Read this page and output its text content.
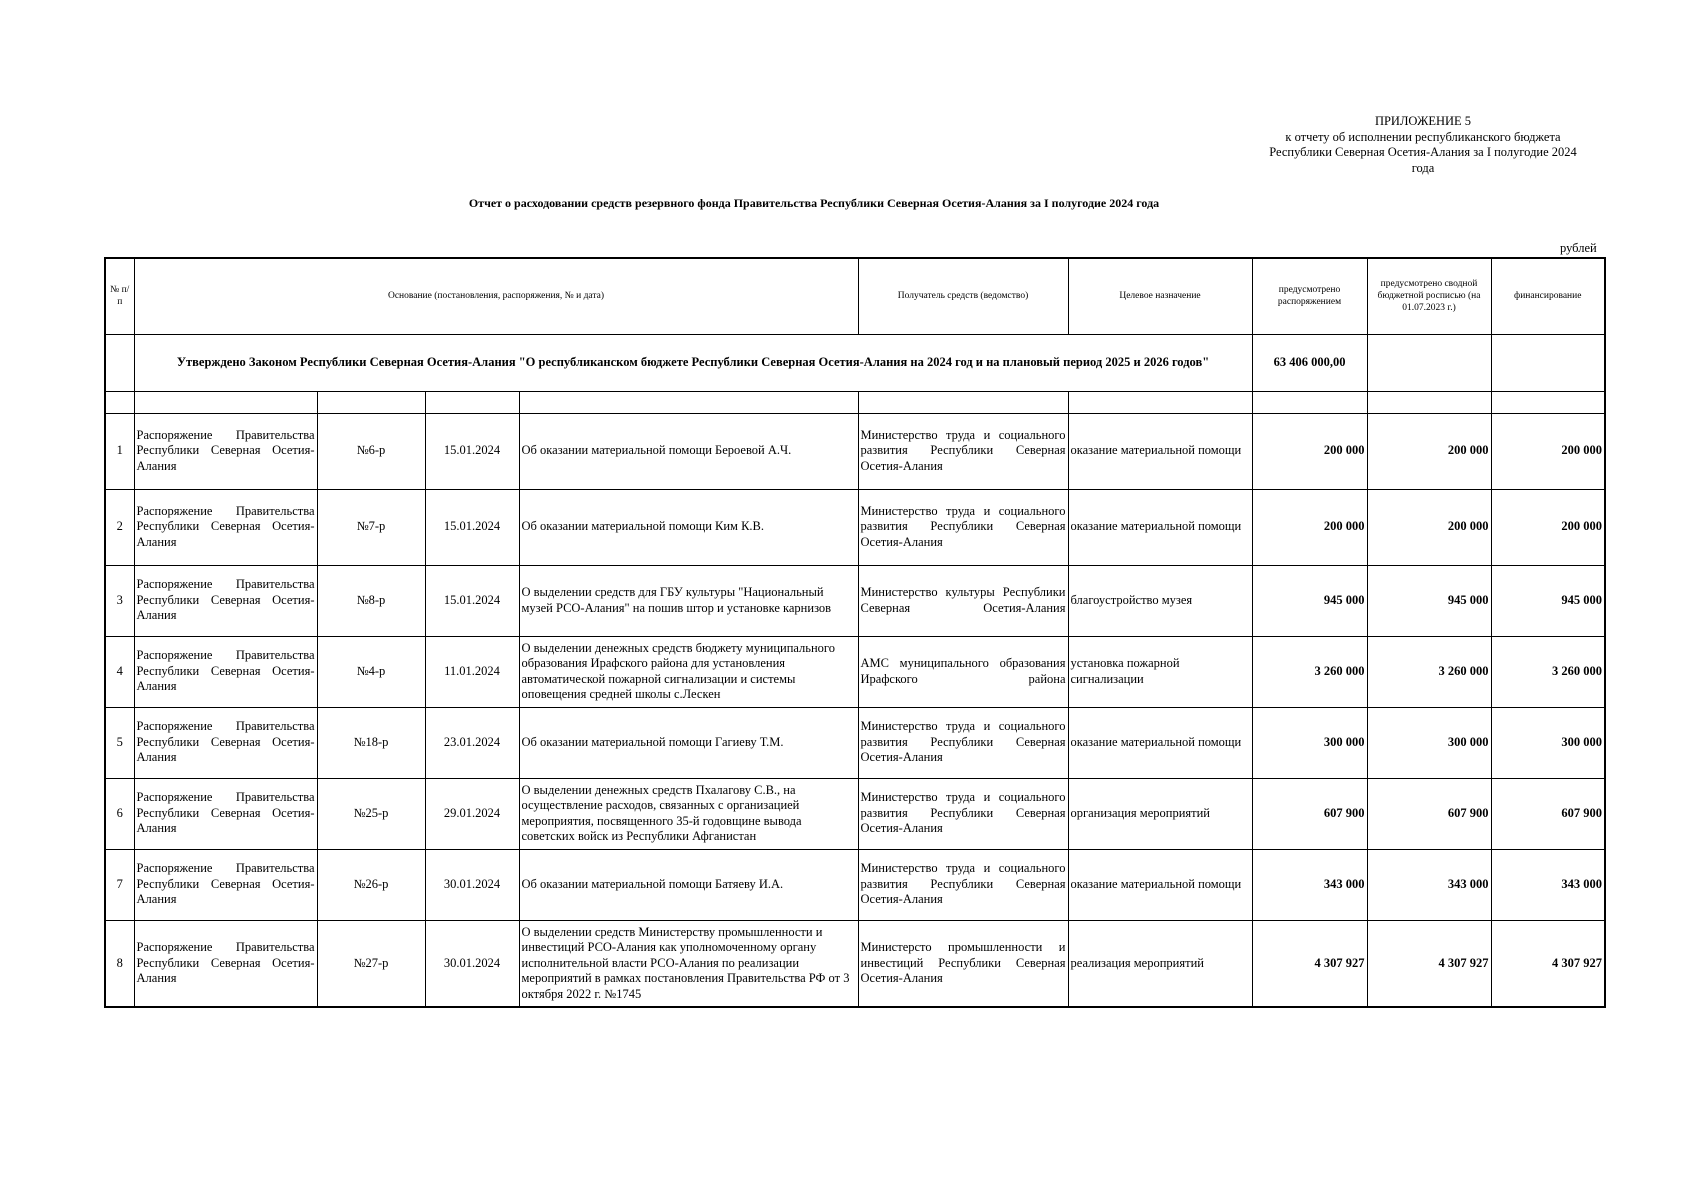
ПРИЛОЖЕНИЕ 5
к отчету об исполнении республиканского бюджета
Республики Северная Осетия-Алания за I полугодие 2024
года
Отчет о расходовании средств резервного фонда Правительства Республики Северная Осетия-Алания за I полугодие 2024 года
рублей
№ п/п	Основание (постановления, распоряжения, № и дата)				Получатель средств (ведомство)	Целевое назначение	предусмотрено распоряжением	предусмотрено сводной бюджетной росписью (на 01.07.2023 г.)	финансирование
	Утверждено Законом Республики Северная Осетия-Алания "О республиканском бюджете Республики Северная Осетия-Алания на 2024 год и на плановый период 2025 и 2026 годов"						63 406 000,00		

1	Распоряжение Правительства Республики Северная Осетия-Алания	№6-р	15.01.2024	Об оказании материальной помощи Бероевой А.Ч.	Министерство труда и социального развития Республики Северная Осетия-Алания	оказание материальной помощи	200 000	200 000	200 000
2	Распоряжение Правительства Республики Северная Осетия-Алания	№7-р	15.01.2024	Об оказании материальной помощи Ким К.В.	Министерство труда и социального развития Республики Северная Осетия-Алания	оказание материальной помощи	200 000	200 000	200 000
3	Распоряжение Правительства Республики Северная Осетия-Алания	№8-р	15.01.2024	О выделении средств для ГБУ культуры "Национальный музей РСО-Алания" на пошив штор и установке карнизов	Министерство культуры Республики Северная Осетия-Алания	благоустройство музея	945 000	945 000	945 000
4	Распоряжение Правительства Республики Северная Осетия-Алания	№4-р	11.01.2024	О выделении денежных средств бюджету муниципального образования Ирафского района для установления автоматической пожарной сигнализации и системы оповещения средней школы с.Лескен	АМС муниципального образования Ирафского района	установка пожарной сигнализации	3 260 000	3 260 000	3 260 000
5	Распоряжение Правительства Республики Северная Осетия-Алания	№18-р	23.01.2024	Об оказании материальной помощи Гагиеву Т.М.	Министерство труда и социального развития Республики Северная Осетия-Алания	оказание материальной помощи	300 000	300 000	300 000
6	Распоряжение Правительства Республики Северная Осетия-Алания	№25-р	29.01.2024	О выделении денежных средств Пхалагову С.В., на осуществление расходов, связанных с организацией мероприятия, посвященного 35-й годовщине вывода советских войск из Республики Афганистан	Министерство труда и социального развития Республики Северная Осетия-Алания	организация мероприятий	607 900	607 900	607 900
7	Распоряжение Правительства Республики Северная Осетия-Алания	№26-р	30.01.2024	Об оказании материальной помощи Батяеву И.А.	Министерство труда и социального развития Республики Северная Осетия-Алания	оказание материальной помощи	343 000	343 000	343 000
8	Распоряжение Правительства Республики Северная Осетия-Алания	№27-р	30.01.2024	О выделении средств Министерству промышленности и инвестиций РСО-Алания как уполномоченному органу исполнительной власти РСО-Алания по реализации мероприятий в рамках постановления Правительства РФ от 3 октября 2022 г. №1745	Министерсто промышленности и инвестиций Республики Северная Осетия-Алания	реализация мероприятий	4 307 927	4 307 927	4 307 927
